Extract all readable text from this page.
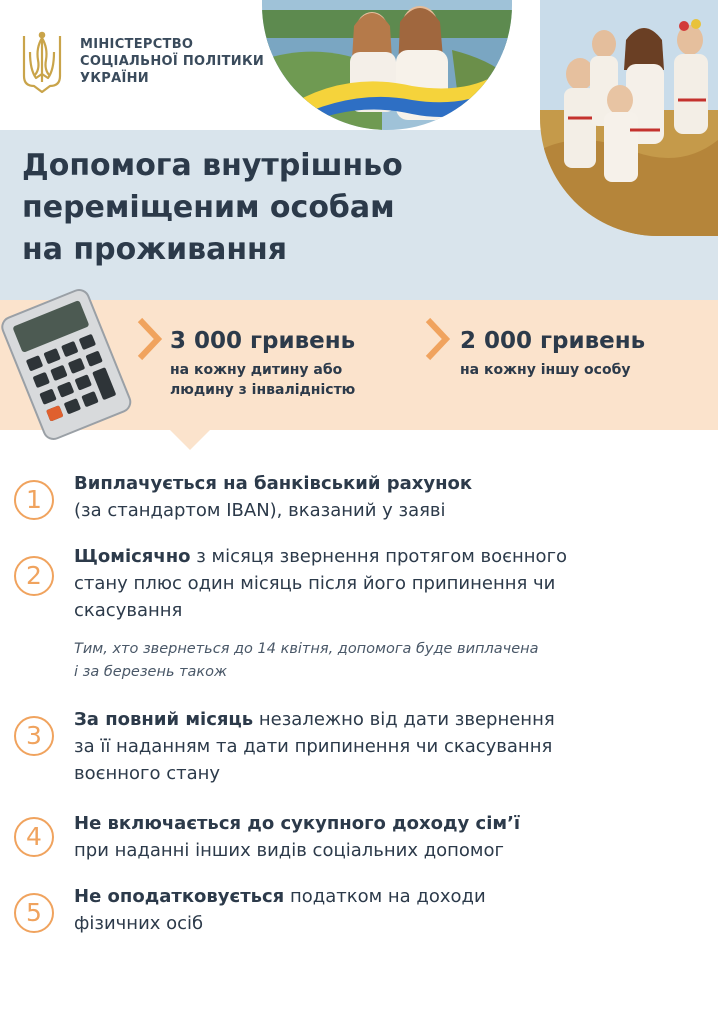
МІНІСТЕРСТВО
СОЦІАЛЬНОЇ ПОЛІТИКИ
УКРАЇНИ
Допомога внутрішньо
переміщеним особам
на проживання
3 000 гривень
на кожну дитину або
людину з інвалідністю
2 000 гривень
на кожну іншу особу
1
Виплачується на банківський рахунок
(за стандартом IBAN), вказаний у заяві
2
Щомісячно з місяця звернення протягом воєнного
стану плюс один місяць після його припинення чи
скасування
Тим, хто звернеться до 14 квітня, допомога буде виплачена
і за березень також
3
За повний місяць незалежно від дати звернення
за її наданням та дати припинення чи скасування
воєнного стану
4	Не включається до сукупного доходу сім’ї
при наданні інших видів соціальних допомог
5
Не оподатковується податком на доходи
фізичних осіб
